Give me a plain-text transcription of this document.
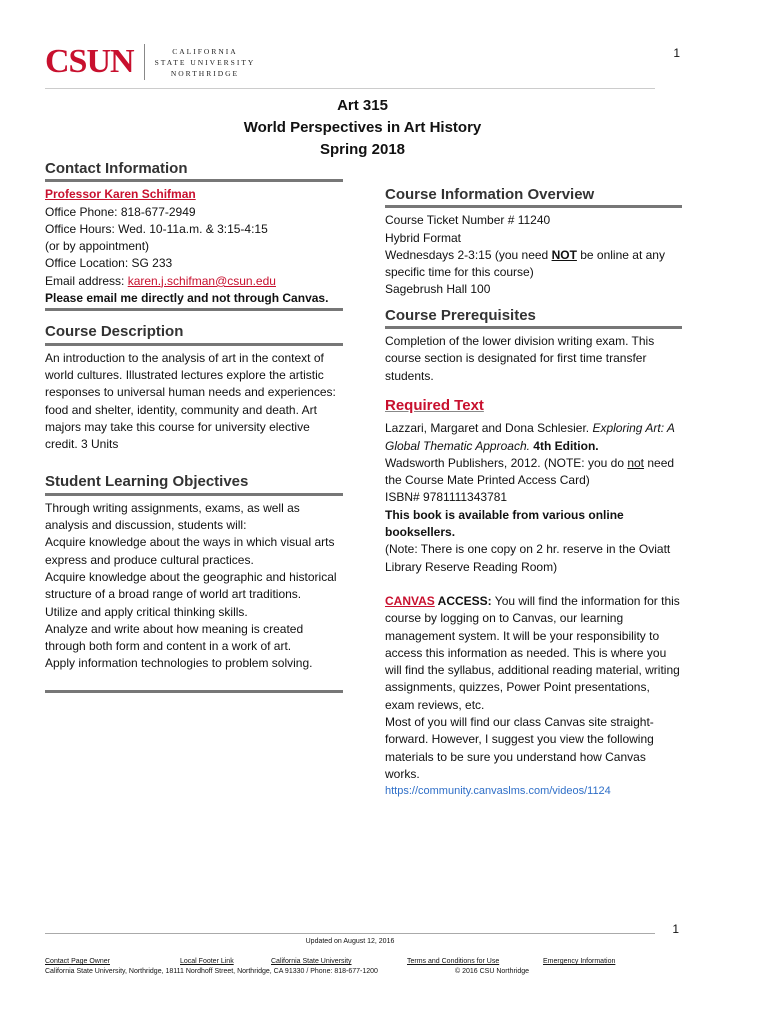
1
CSUN	CALIFORNIA
STATE UNIVERSITY
NORTHRIDGE
Art 315
World Perspectives in Art History
Spring 2018
Contact Information
Professor Karen Schifman
Office Phone: 818-677-2949
Office Hours: Wed. 10-11a.m. & 3:15-4:15
(or by appointment)
Office Location: SG 233
Email address: karen.j.schifman@csun.edu
Please email me directly and not through Canvas.
Course Description
An introduction to the analysis of art in the context of world cultures. Illustrated lectures explore the artistic responses to universal human needs and experiences: food and shelter, identity, community and death. Art majors may take this course for university elective credit. 3 Units
Student Learning Objectives
Through writing assignments, exams, as well as analysis and discussion, students will:
Acquire knowledge about the ways in which visual arts express and produce cultural practices.
Acquire knowledge about the geographic and historical structure of a broad range of world art traditions.
Utilize and apply critical thinking skills.
Analyze and write about how meaning is created through both form and content in a work of art.
Apply information technologies to problem solving.
Course Information Overview
Course Ticket Number # 11240
Hybrid Format
Wednesdays 2-3:15 (you need NOT be online at any specific time for this course)
Sagebrush Hall 100
Course Prerequisites
Completion of the lower division writing exam. This course section is designated for first time transfer students.
Required Text
Lazzari, Margaret and Dona Schlesier. Exploring Art: A Global Thematic Approach. 4th Edition.
Wadsworth Publishers, 2012. (NOTE: you do not need the Course Mate Printed Access Card)
ISBN# 9781111343781
This book is available from various online booksellers.
(Note: There is one copy on 2 hr. reserve in the Oviatt Library Reserve Reading Room)
CANVAS ACCESS: You will find the information for this course by logging on to Canvas, our learning management system. It will be your responsibility to access this information as needed. This is where you will find the syllabus, additional reading material, writing assignments, quizzes, Power Point presentations, exam reviews, etc.
Most of you will find our class Canvas site straight-forward. However, I suggest you view the following materials to be sure you understand how Canvas works.
https://community.canvaslms.com/videos/1124
1
Updated on August 12, 2016
Contact Page Owner	Local Footer Link	California State University	Terms and Conditions for Use	Emergency Information
California State University, Northridge, 18111 Nordhoff Street, Northridge, CA 91330 / Phone: 818-677-1200	© 2016 CSU Northridge
